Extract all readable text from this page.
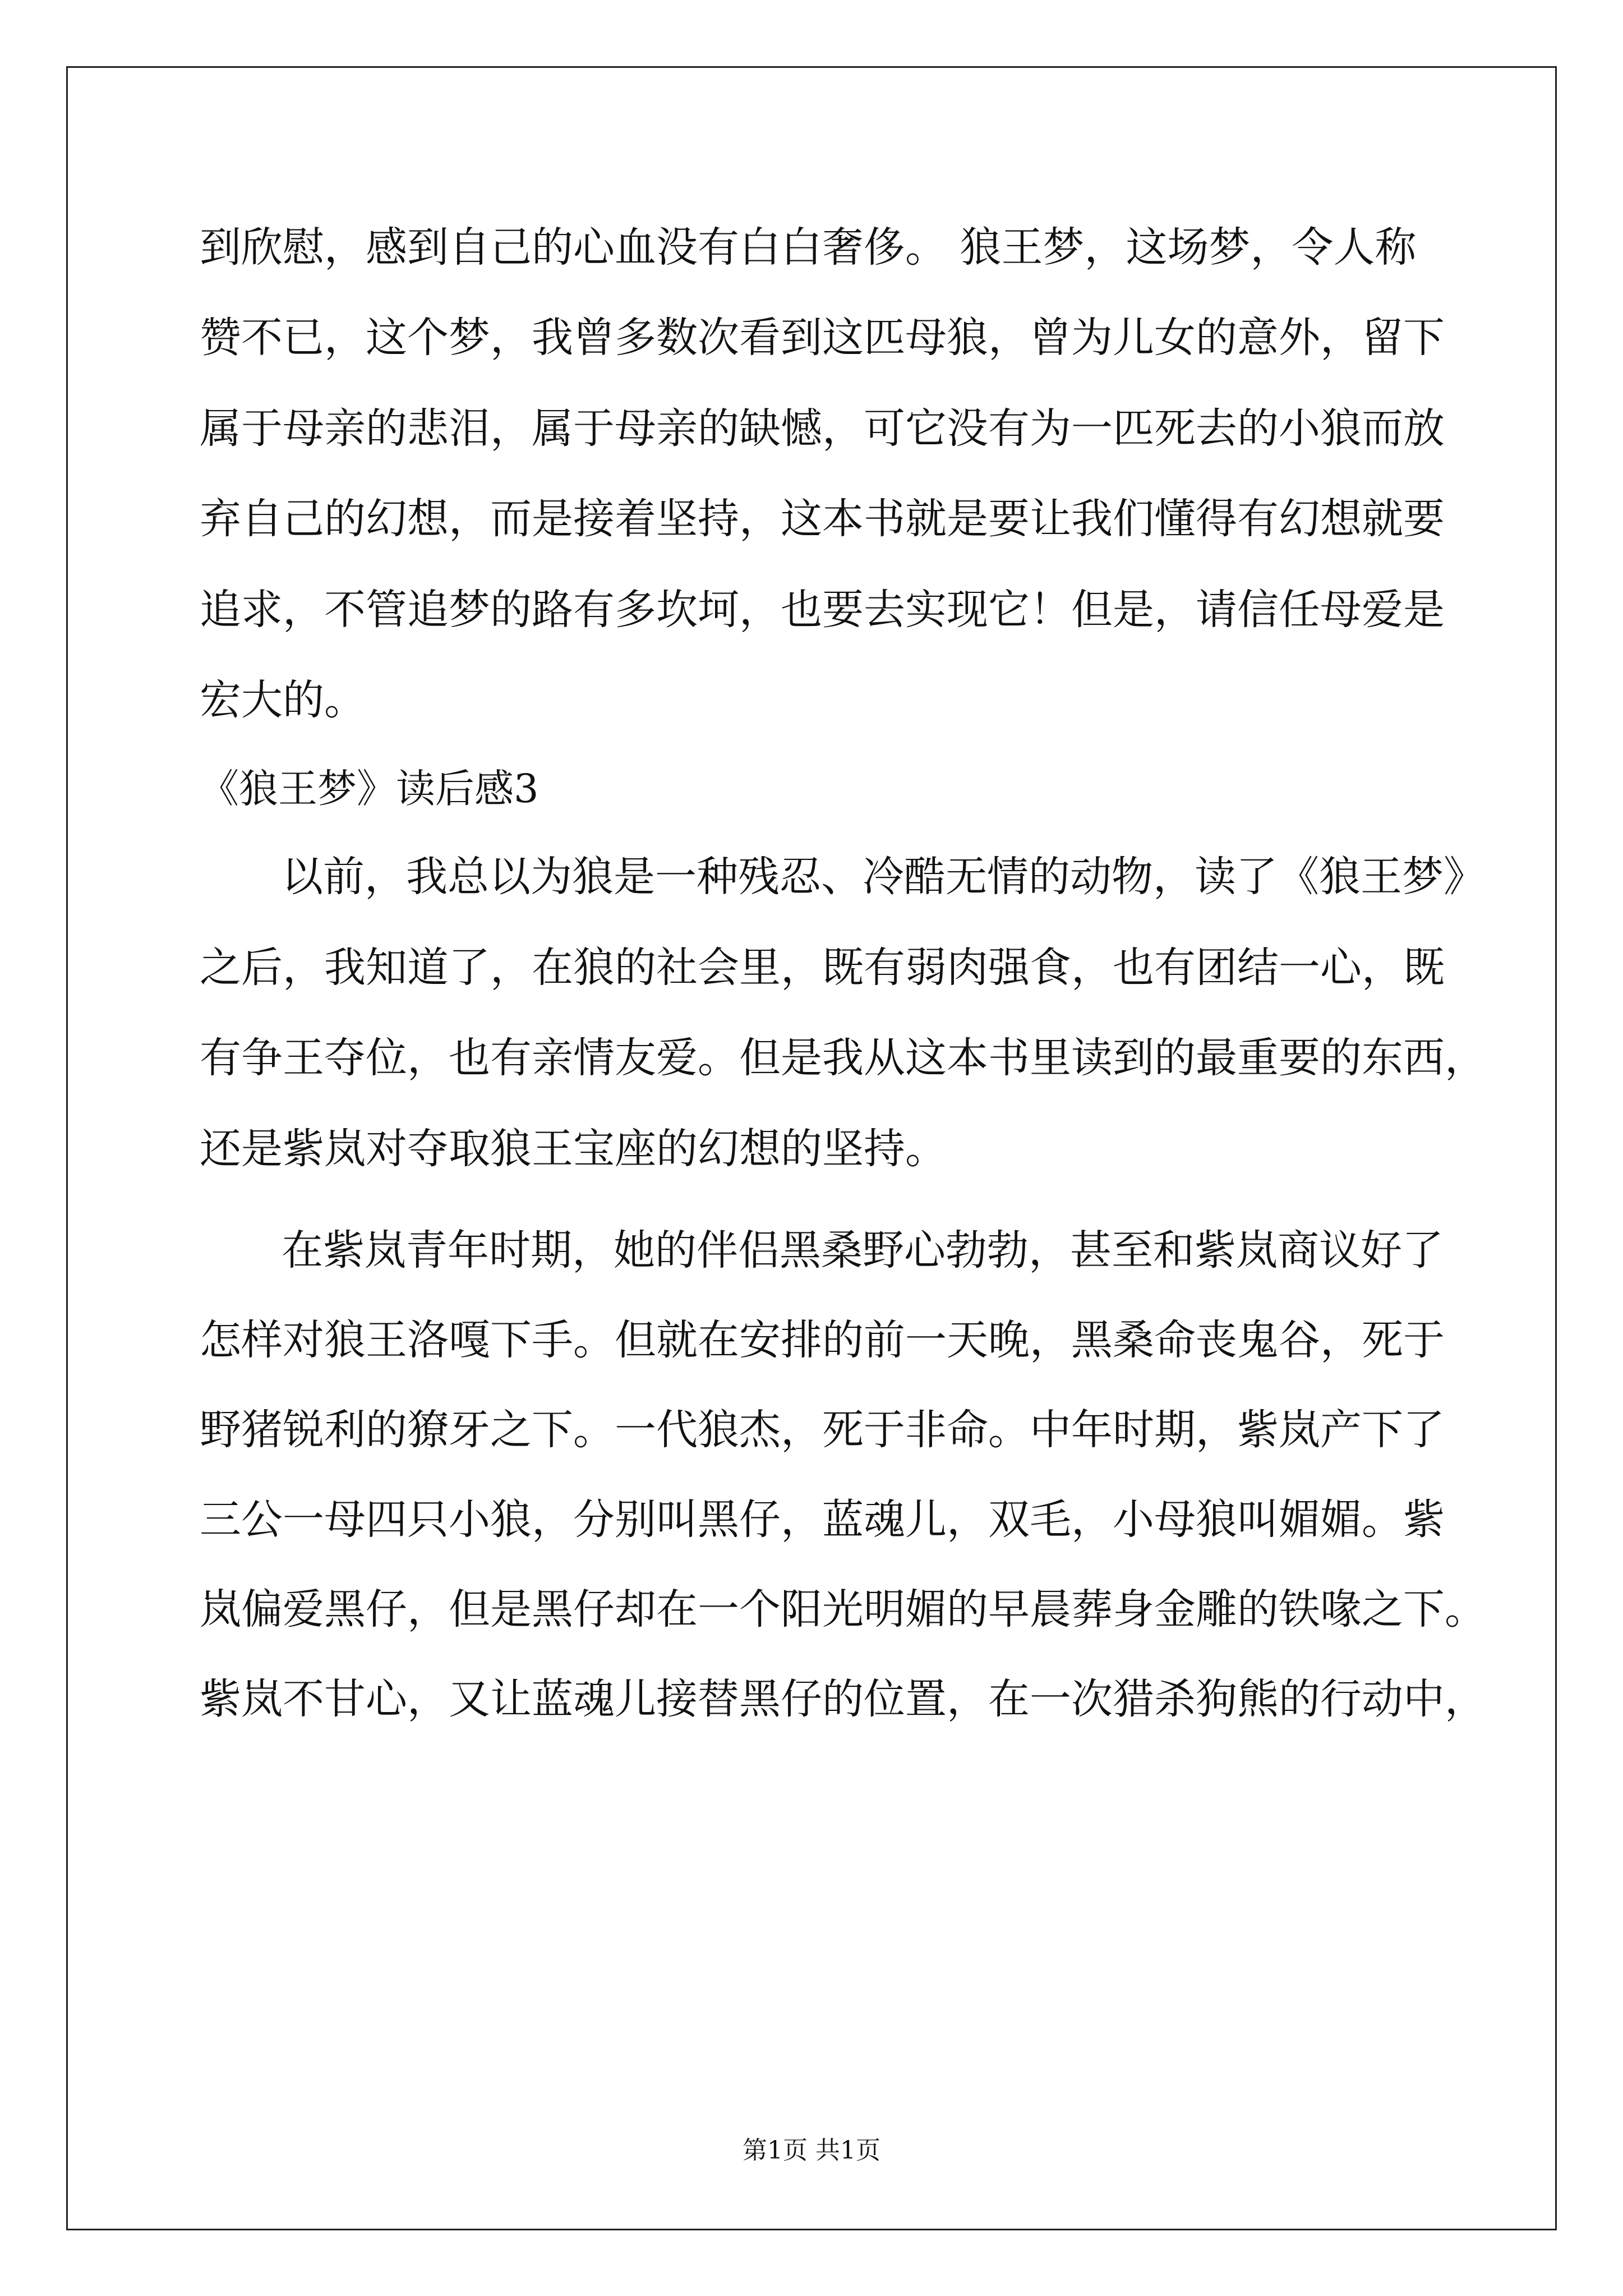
到欣慰，感到自己的心血没有白白奢侈。 狼王梦，这场梦，令人称
赞不已，这个梦，我曾多数次看到这匹母狼，曾为儿女的意外，留下
属于母亲的悲泪，属于母亲的缺憾，可它没有为一匹死去的小狼而放
弃自己的幻想，而是接着坚持，这本书就是要让我们懂得有幻想就要
追求，不管追梦的路有多坎坷，也要去实现它！但是，请信任母爱是
宏大的。
《狼王梦》读后感3
以前，我总以为狼是一种残忍、冷酷无情的动物，读了《狼王梦》
之后，我知道了，在狼的社会里，既有弱肉强食，也有团结一心，既
有争王夺位，也有亲情友爱。但是我从这本书里读到的最重要的东西，
还是紫岚对夺取狼王宝座的幻想的坚持。
在紫岚青年时期，她的伴侣黑桑野心勃勃，甚至和紫岚商议好了
怎样对狼王洛嘎下手。但就在安排的前一天晚，黑桑命丧鬼谷，死于
野猪锐利的獠牙之下。一代狼杰，死于非命。中年时期，紫岚产下了
三公一母四只小狼，分别叫黑仔，蓝魂儿，双毛，小母狼叫媚媚。紫
岚偏爱黑仔，但是黑仔却在一个阳光明媚的早晨葬身金雕的铁喙之下。
紫岚不甘心，又让蓝魂儿接替黑仔的位置，在一次猎杀狗熊的行动中，
第1页 共1页
